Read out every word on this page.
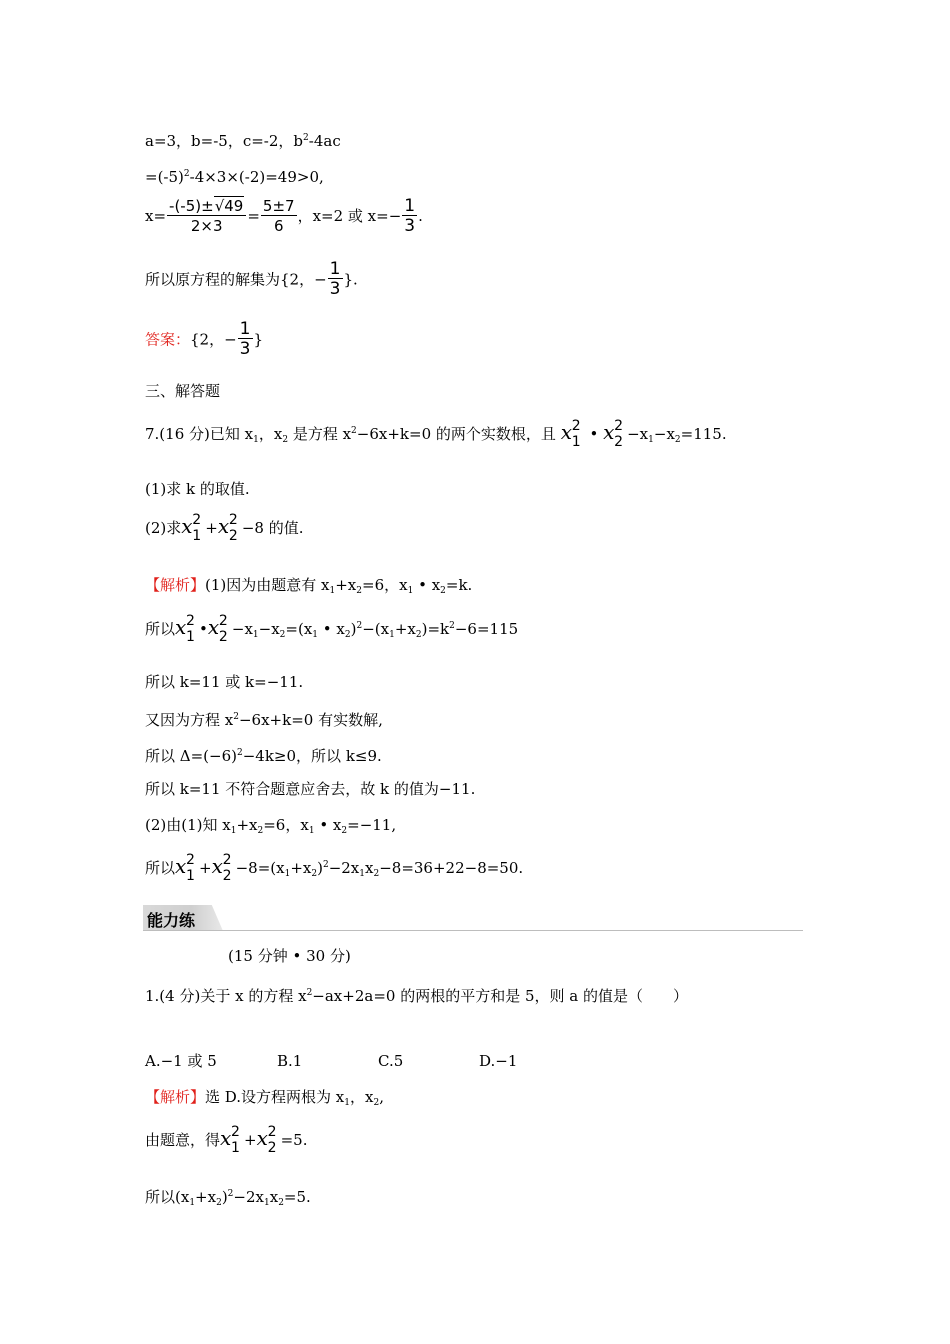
a=3，b=-5，c=-2，$b^2-4ac$
$=(-5)^2-4\times 3\times(-2)=49>0$,
$x= \frac{-(-5)\pm√49}{2\times 3} = \frac{5\pm 7}{6}$ ，x=2 或 $x=- \frac{1}{3}$ .
所以原方程的解集为{2，− $\frac{1}{3}$ }.
答案：{2，− $\frac{1}{3}$ }
三、解答题
7.(16 分)已知 $x_1$，$x_2$ 是方程 $x^2-6x+k=0$ 的两个实数根，且 x 2
1 • x 2
$2 -x_1-x_2=115$.
(1)求 k 的取值.
(2)求x 2
1 +x 2
2 −8 的值.
【解析】(1)因为由题意有 $x_1+x_2=6$，$x_1$ • $x_2=k$.
所以x 2
1 •x 2
$2 -x_1-x_2=(x_1$ • $x_2)^2-(x_1+x_2)=k^2-6=115$
所以 k=11 或 k=−11.
又因为方程 $x^2-6x+k=0$ 有实数解,
所以 $\Delta=(-6)^2-4k\ge 0$，所以 k≤9.
所以 k=11 不符合题意应舍去，故 k 的值为−11.
(2)由(1)知 $x_1+x_2=6$，$x_1$ • $x_2=-11$,
所以x 2
1 +x 2
$2 -8=(x_1+x_2)^2-2x_1x_2-8=36+22-8=50$.
能力练
(15 分钟 • 30 分)
1.(4 分)关于 x 的方程 $x^2-ax+2a=0$ 的两根的平方和是 5，则 a 的值是（　　）
A.−1 或 5	B.1	C.5	D.−1
【解析】选 D.设方程两根为 $x_1$，$x_2$,
由题意，得x 2
1 +x 2
2 =5.
所以$(x_1+x_2)^2-2x_1x_2=5$.
